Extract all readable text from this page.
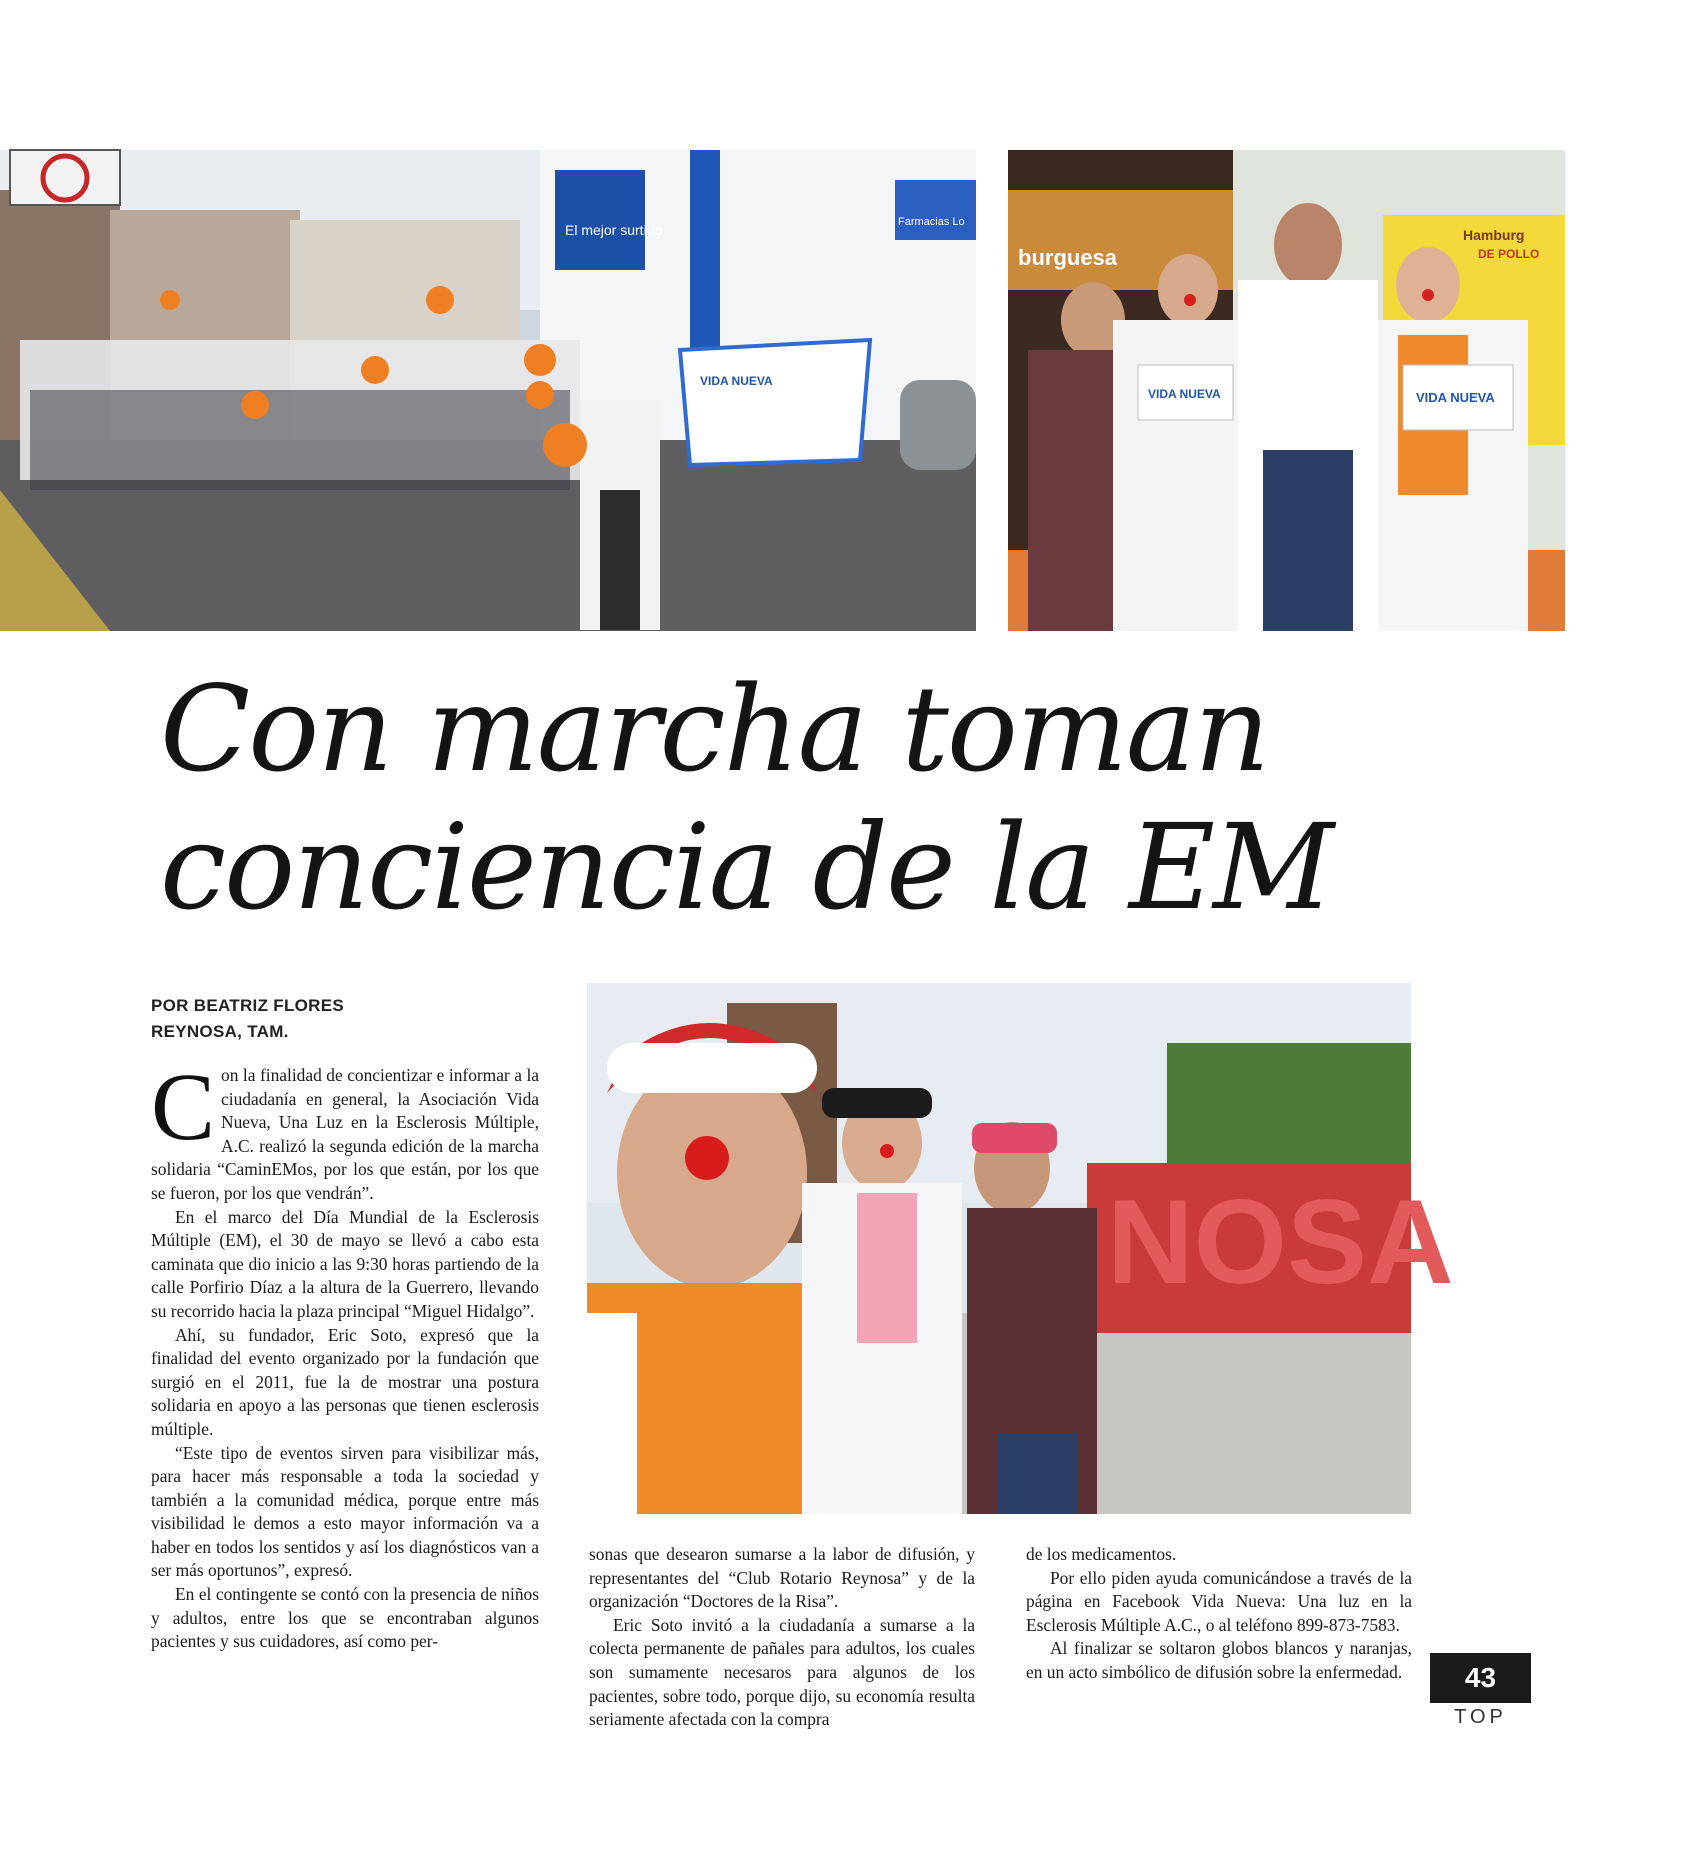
El mejor surtido	Farmacias Lo
VIDA NUEVA
burguesa
Hamburg
DE POLLO
VIDA NUEVA	VIDA NUEVA
Con marcha toman
conciencia de la EM
POR BEATRIZ FLORES
REYNOSA, TAM.
NOSA

Con la finalidad de concientizar e informar a la ciudadanía en general, la Asociación Vida Nueva, Una Luz en la Esclerosis Múltiple, A.C. realizó la segunda edición de la marcha solidaria “CaminEMos, por los que están, por los que se fueron, por los que vendrán”.

En el marco del Día Mundial de la Esclerosis Múltiple (EM), el 30 de mayo se llevó a cabo esta caminata que dio inicio a las 9:30 horas partiendo de la calle Porfirio Díaz a la altura de la Guerrero, llevando su recorrido hacia la plaza principal “Miguel Hidalgo”.

Ahí, su fundador, Eric Soto, expresó que la finalidad del evento organizado por la fundación que surgió en el 2011, fue la de mostrar una postura solidaria en apoyo a las personas que tienen esclerosis múltiple.

“Este tipo de eventos sirven para visibilizar más, para hacer más responsable a toda la sociedad y también a la comunidad médica, porque entre más visibilidad le demos a esto mayor información va a haber en todos los sentidos y así los diagnósticos van a ser más oportunos”, expresó.

En el contingente se contó con la presencia de niños y adultos, entre los que se encontraban algunos pacientes y sus cuidadores, así como per-

sonas que desearon sumarse a la labor de difusión, y representantes del “Club Rotario Reynosa” y de la organización “Doctores de la Risa”.

Eric Soto invitó a la ciudadanía a sumarse a la colecta permanente de pañales para adultos, los cuales son sumamente necesaros para algunos de los pacientes, sobre todo, porque dijo, su economía resulta seriamente afectada con la compra

de los medicamentos.

Por ello piden ayuda comunicándose a través de la página en Facebook Vida Nueva: Una luz en la Esclerosis Múltiple A.C., o al teléfono 899-873-7583.

Al finalizar se soltaron globos blancos y naranjas, en un acto simbólico de difusión sobre la enfermedad.	43
TOP
